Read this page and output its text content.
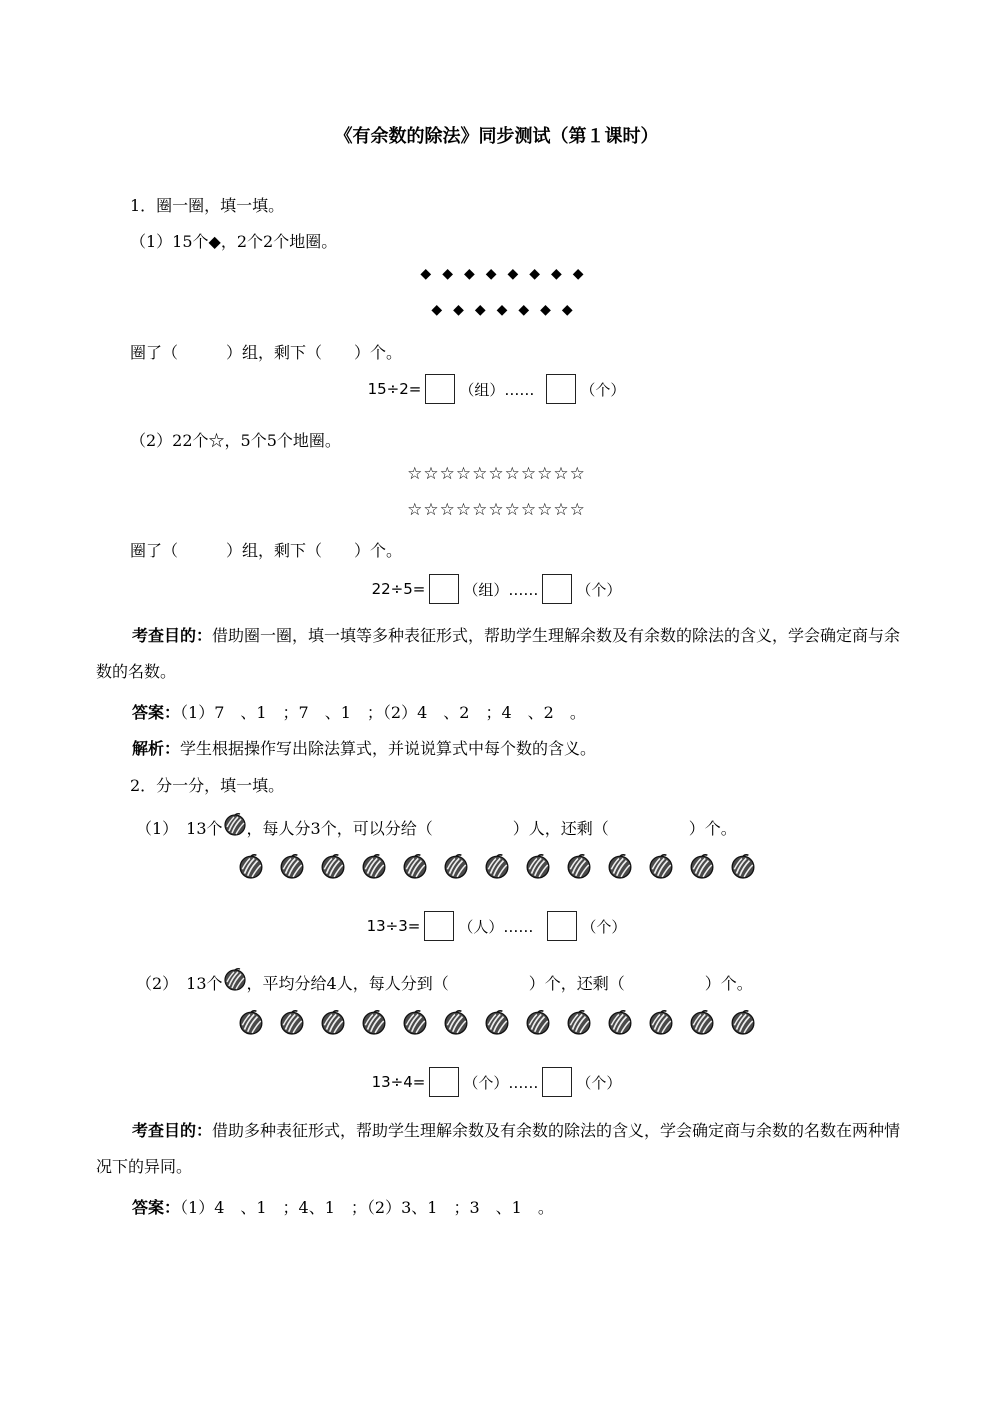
《有余数的除法》同步测试（第１课时）
1．圈一圈，填一填。
（1）15个◆，2个2个地圈。
◆◆◆◆◆◆◆◆
◆◆◆◆◆◆◆
圈了（　　　）组，剩下（　　）个。
15÷2=	（组）……	（个）
（2）22个☆，5个5个地圈。
☆☆☆☆☆☆☆☆☆☆☆
☆☆☆☆☆☆☆☆☆☆☆
圈了（　　　）组，剩下（　　）个。
22÷5=	（组）……	（个）
考查目的：借助圈一圈，填一填等多种表征形式，帮助学生理解余数及有余数的除法的含义，学会确定商与余数的名数。
答案：（1）7　、1　；7　、1　；（2）4　、2　；4　、2　。
解析：学生根据操作写出除法算式，并说说算式中每个数的含义。
2．分一分，填一填。
（1）　13个 ，每人分3个，可以分给（　　　　　）人，还剩（　　　　　）个。
13÷3=	（人）……	（个）
（2）　13个 ，平均分给4人，每人分到（　　　　　）个，还剩（　　　　　）个。
13÷4=	（个）……	（个）
考查目的：借助多种表征形式，帮助学生理解余数及有余数的除法的含义，学会确定商与余数的名数在两种情况下的异同。
答案：（1）4　、1　；4、1　；（2）3、1　；3　、1　。
